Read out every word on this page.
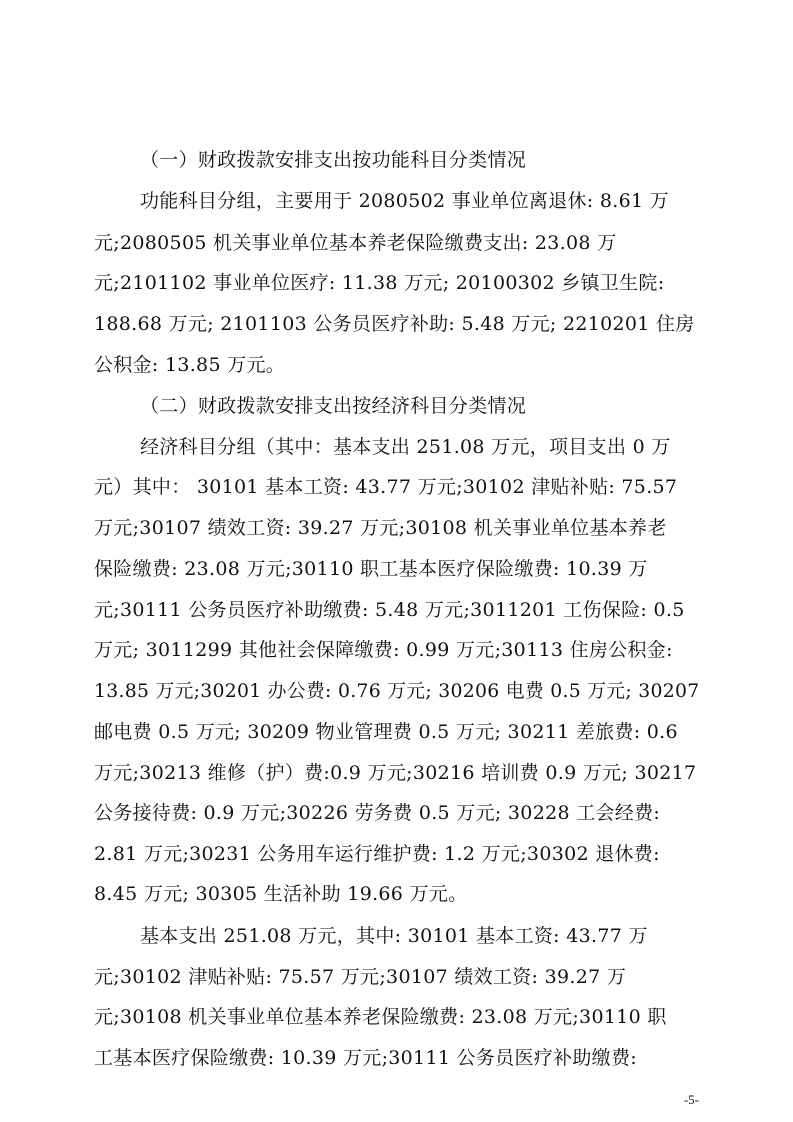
（一）财政拨款安排支出按功能科目分类情况
功能科目分组，主要用于 2080502 事业单位离退休: 8.61 万
元;2080505 机关事业单位基本养老保险缴费支出: 23.08 万
元;2101102 事业单位医疗: 11.38 万元; 20100302 乡镇卫生院:
188.68 万元; 2101103 公务员医疗补助: 5.48 万元; 2210201 住房
公积金: 13.85 万元。
（二）财政拨款安排支出按经济科目分类情况
经济科目分组（其中：基本支出 251.08 万元，项目支出 0 万
元）其中： 30101 基本工资: 43.77 万元;30102 津贴补贴: 75.57
万元;30107 绩效工资: 39.27 万元;30108 机关事业单位基本养老
保险缴费: 23.08 万元;30110 职工基本医疗保险缴费: 10.39 万
元;30111 公务员医疗补助缴费: 5.48 万元;3011201 工伤保险: 0.5
万元; 3011299 其他社会保障缴费: 0.99 万元;30113 住房公积金:
13.85 万元;30201 办公费: 0.76 万元; 30206 电费 0.5 万元; 30207
邮电费 0.5 万元; 30209 物业管理费 0.5 万元; 30211 差旅费: 0.6
万元;30213 维修（护）费:0.9 万元;30216 培训费 0.9 万元; 30217
公务接待费: 0.9 万元;30226 劳务费 0.5 万元; 30228 工会经费:
2.81 万元;30231 公务用车运行维护费: 1.2 万元;30302 退休费:
8.45 万元; 30305 生活补助 19.66 万元。
基本支出 251.08 万元，其中: 30101 基本工资: 43.77 万
元;30102 津贴补贴: 75.57 万元;30107 绩效工资: 39.27 万
元;30108 机关事业单位基本养老保险缴费: 23.08 万元;30110 职
工基本医疗保险缴费: 10.39 万元;30111 公务员医疗补助缴费:
-5-
